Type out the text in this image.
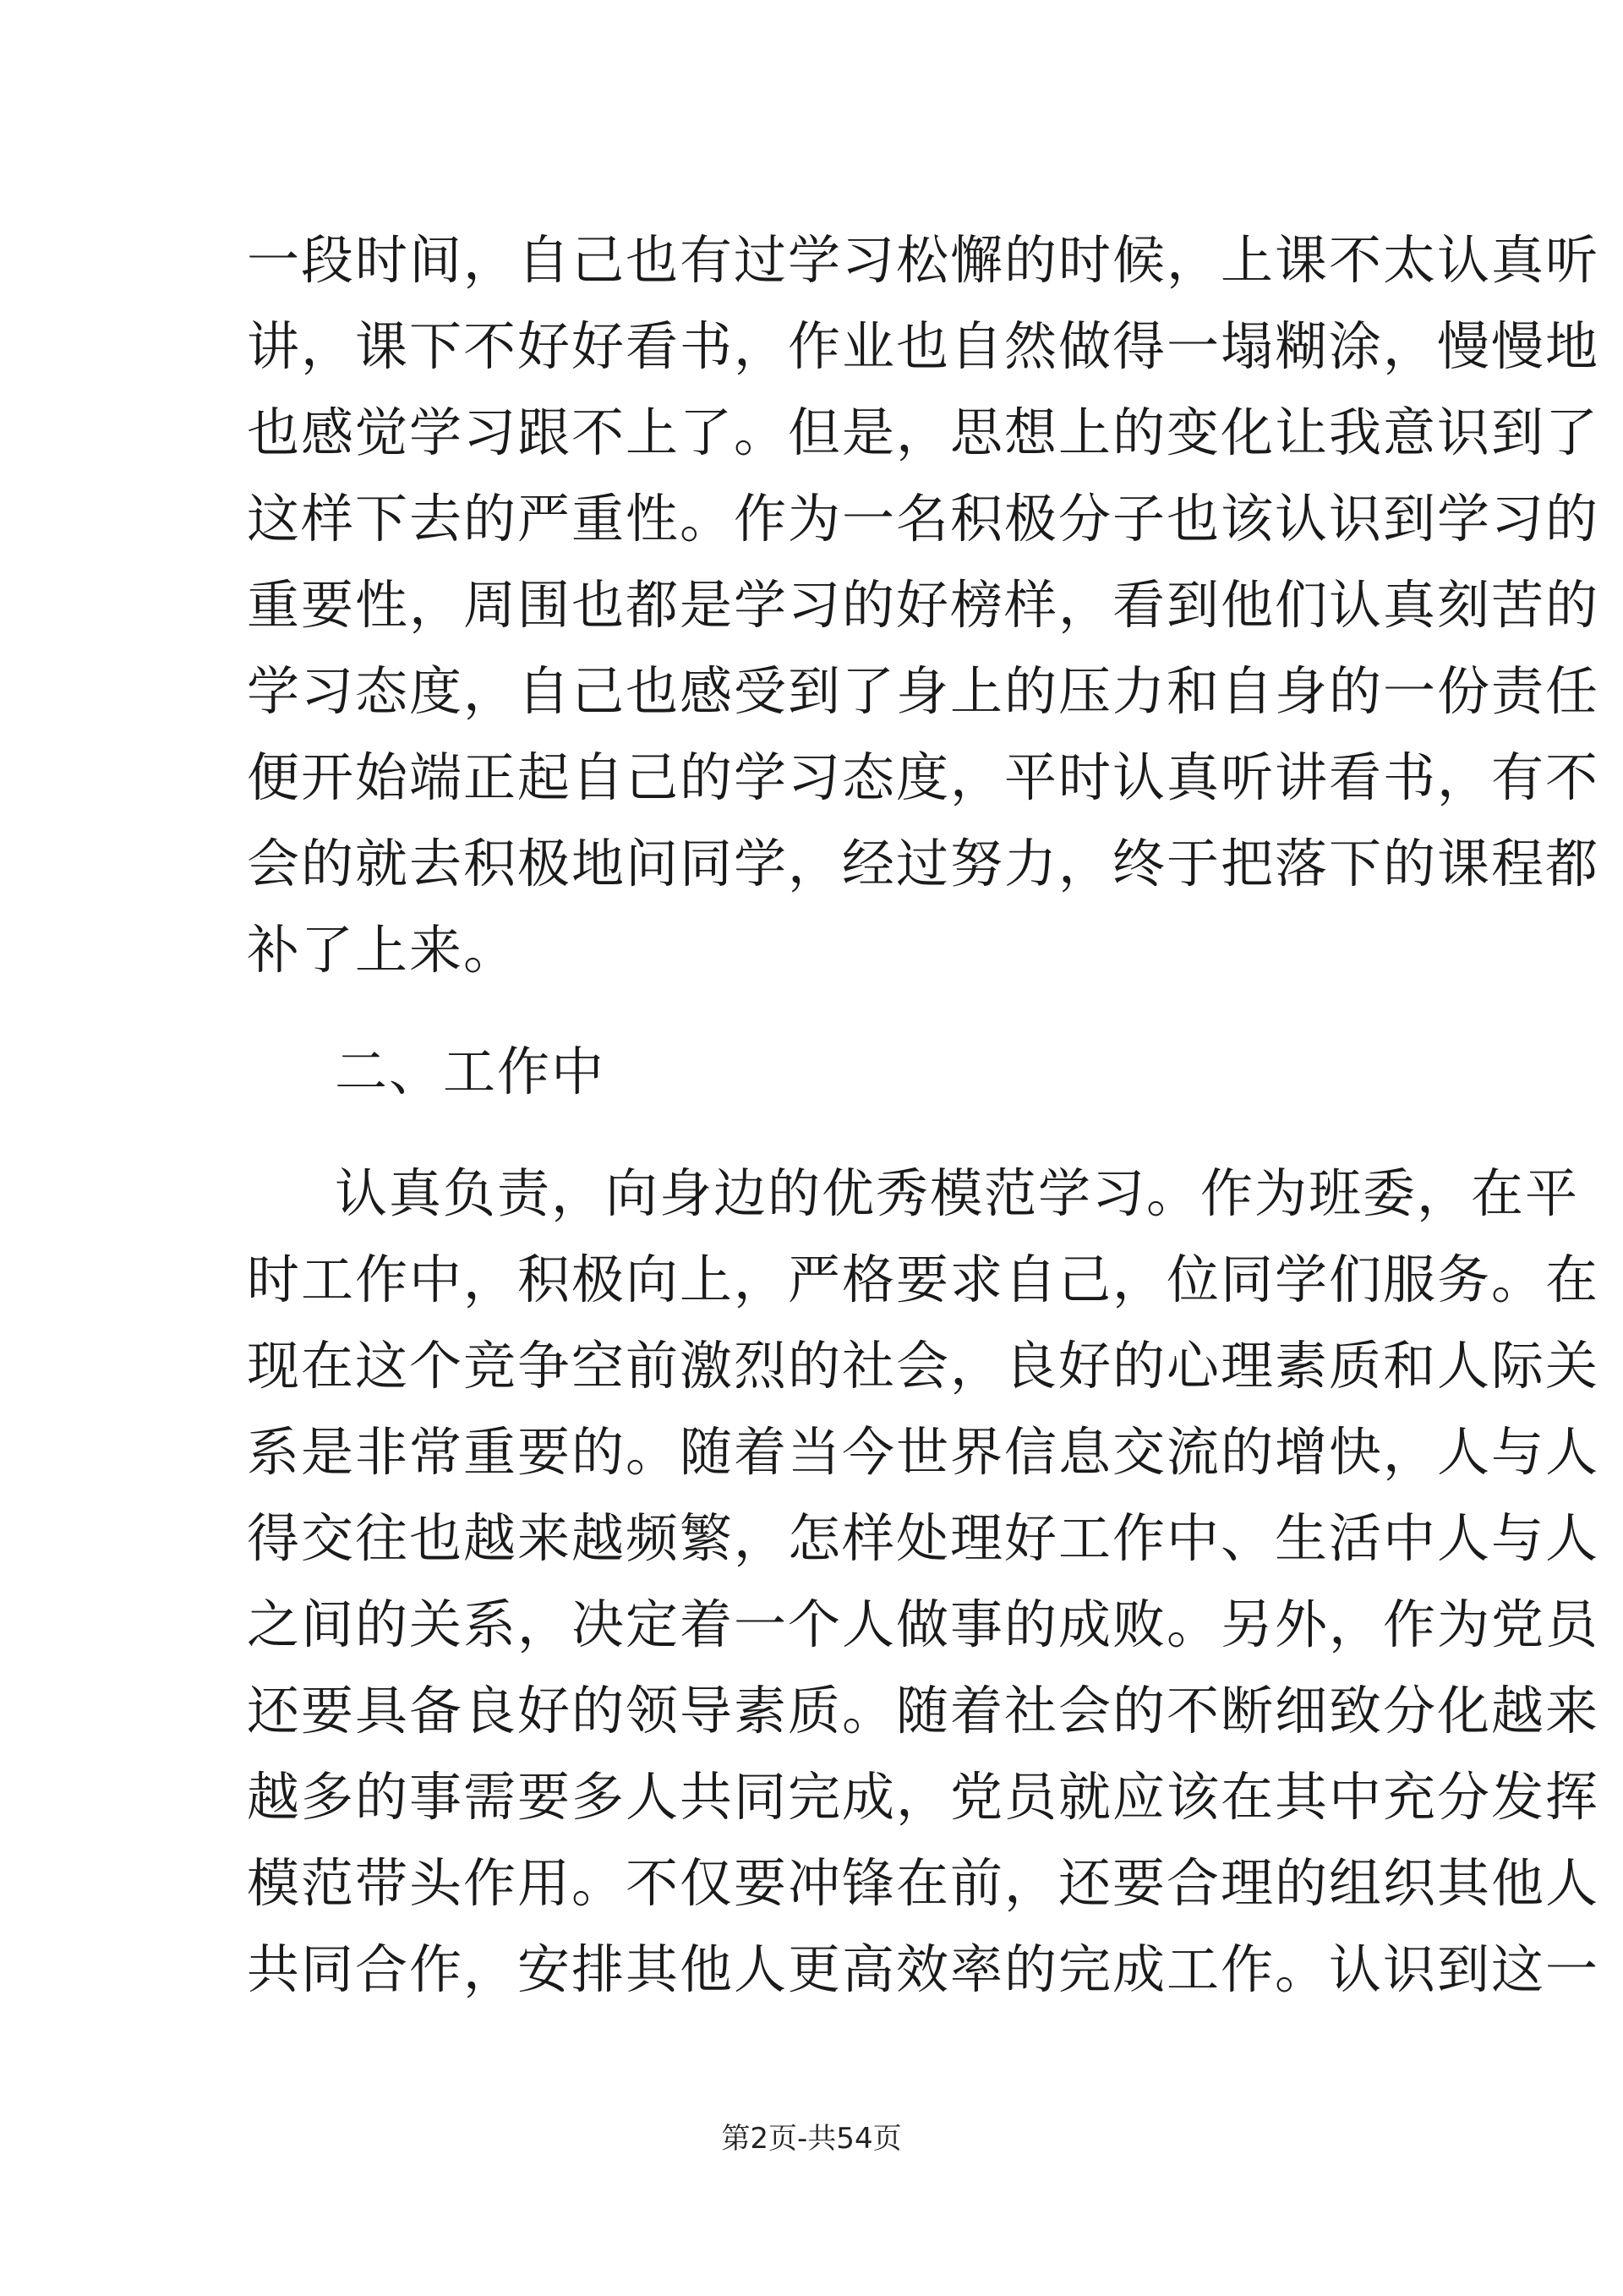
一段时间，自己也有过学习松懈的时候，上课不太认真听
讲，课下不好好看书，作业也自然做得一塌糊涂，慢慢地
也感觉学习跟不上了。但是，思想上的变化让我意识到了
这样下去的严重性。作为一名积极分子也该认识到学习的
重要性，周围也都是学习的好榜样，看到他们认真刻苦的
学习态度，自己也感受到了身上的压力和自身的一份责任
便开始端正起自己的学习态度，平时认真听讲看书，有不
会的就去积极地问同学，经过努力，终于把落下的课程都
补了上来。
二、工作中
认真负责，向身边的优秀模范学习。作为班委，在平
时工作中，积极向上，严格要求自己，位同学们服务。在
现在这个竞争空前激烈的社会，良好的心理素质和人际关
系是非常重要的。随着当今世界信息交流的增快，人与人
得交往也越来越频繁，怎样处理好工作中、生活中人与人
之间的关系，决定着一个人做事的成败。另外，作为党员
还要具备良好的领导素质。随着社会的不断细致分化越来
越多的事需要多人共同完成，党员就应该在其中充分发挥
模范带头作用。不仅要冲锋在前，还要合理的组织其他人
共同合作，安排其他人更高效率的完成工作。认识到这一
第2页-共54页
